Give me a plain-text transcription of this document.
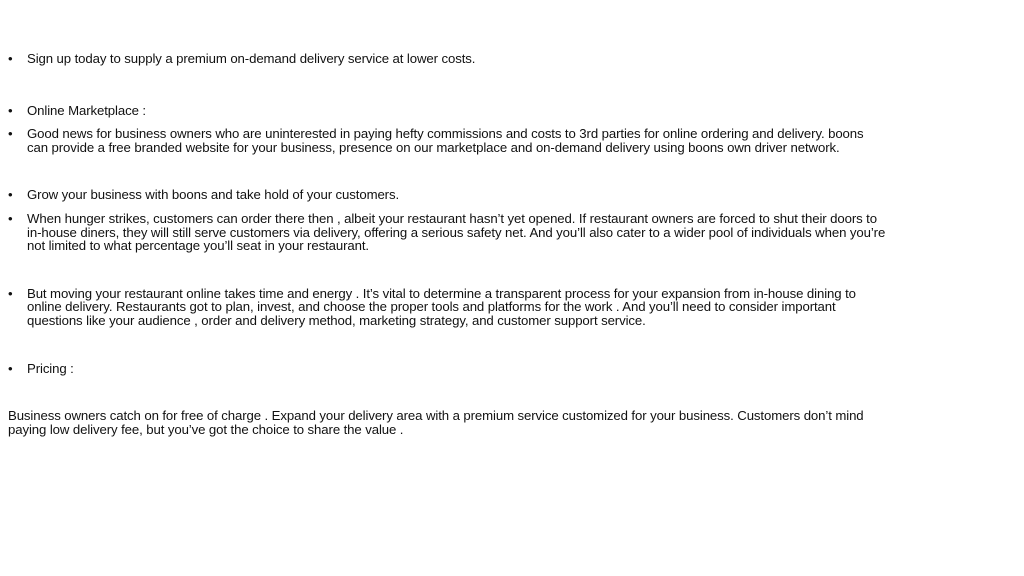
•	Sign up today to supply a premium on-demand delivery service at lower costs.
•	Online Marketplace :
•	Good news for business owners who are uninterested in paying hefty commissions and costs to 3rd parties for online ordering and delivery. boons can provide a free branded website for your business, presence on our marketplace and on-demand delivery using boons own driver network.
•	Grow your business with boons and take hold of your customers.
•	When hunger strikes, customers can order there then , albeit your restaurant hasn’t yet opened. If restaurant owners are forced to shut their doors to in-house diners, they will still serve customers via delivery, offering a serious safety net. And you’ll also cater to a wider pool of individuals when you’re not limited to what percentage you’ll seat in your restaurant.
•	But moving your restaurant online takes time and energy . It’s vital to determine a transparent process for your expansion from in-house dining to online delivery. Restaurants got to plan, invest, and choose the proper tools and platforms for the work . And you’ll need to consider important questions like your audience , order and delivery method, marketing strategy, and customer support service.
•	Pricing :

Business owners catch on for free of charge . Expand your delivery area with a premium service customized for your business. Customers don’t mind paying low delivery fee, but you’ve got the choice to share the value .
